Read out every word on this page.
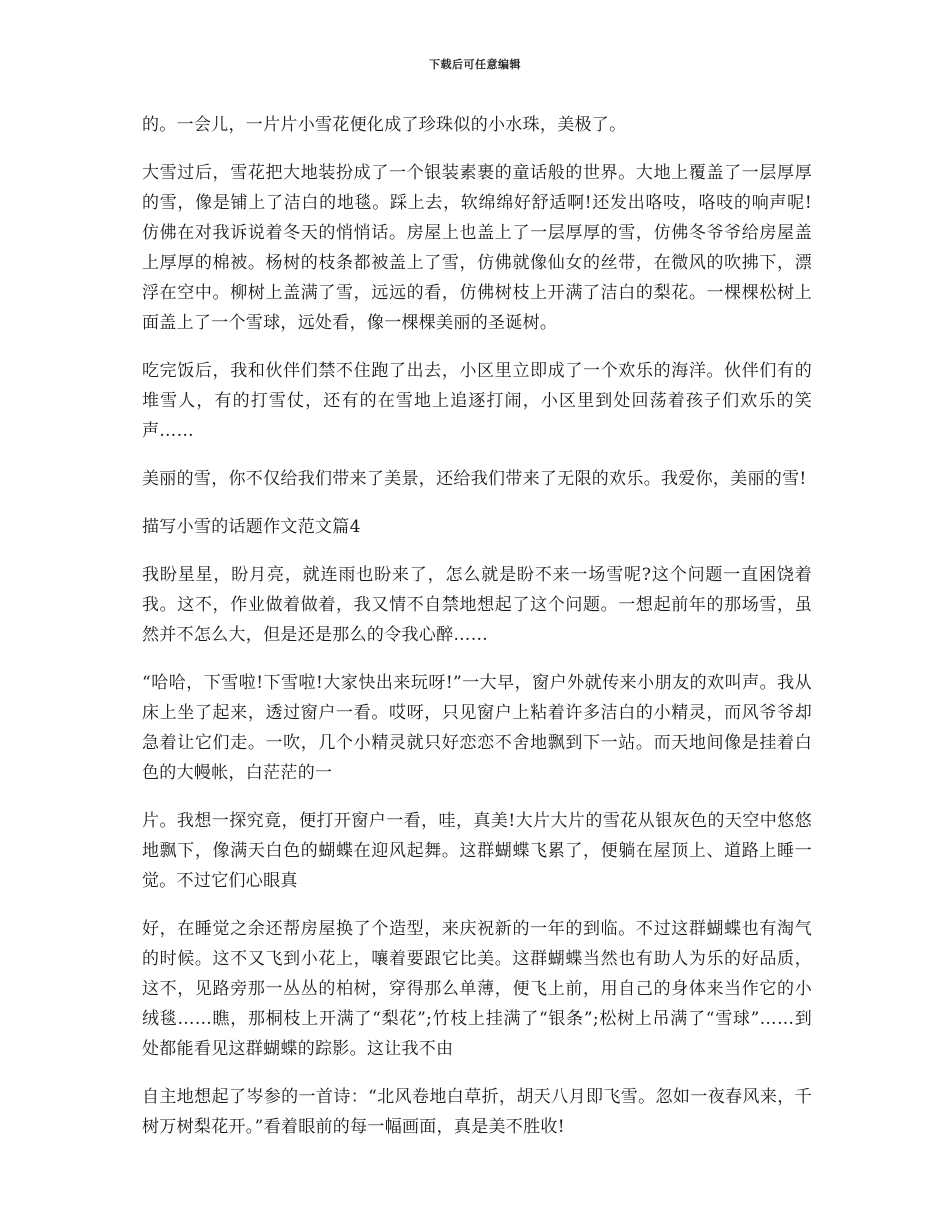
下载后可任意编辑

的。一会儿，一片片小雪花便化成了珍珠似的小水珠，美极了。

大雪过后，雪花把大地装扮成了一个银装素裹的童话般的世界。大地上覆盖了一层厚厚的雪，像是铺上了洁白的地毯。踩上去，软绵绵好舒适啊!还发出咯吱，咯吱的响声呢!仿佛在对我诉说着冬天的悄悄话。房屋上也盖上了一层厚厚的雪，仿佛冬爷爷给房屋盖上厚厚的棉被。杨树的枝条都被盖上了雪，仿佛就像仙女的丝带，在微风的吹拂下，漂浮在空中。柳树上盖满了雪，远远的看，仿佛树枝上开满了洁白的梨花。一棵棵松树上面盖上了一个雪球，远处看，像一棵棵美丽的圣诞树。

吃完饭后，我和伙伴们禁不住跑了出去，小区里立即成了一个欢乐的海洋。伙伴们有的堆雪人，有的打雪仗，还有的在雪地上追逐打闹，小区里到处回荡着孩子们欢乐的笑声……

美丽的雪，你不仅给我们带来了美景，还给我们带来了无限的欢乐。我爱你，美丽的雪!

描写小雪的话题作文范文篇4

我盼星星，盼月亮，就连雨也盼来了，怎么就是盼不来一场雪呢?这个问题一直困饶着我。这不，作业做着做着，我又情不自禁地想起了这个问题。一想起前年的那场雪，虽然并不怎么大，但是还是那么的令我心醉……

“哈哈，下雪啦!下雪啦!大家快出来玩呀!”一大早，窗户外就传来小朋友的欢叫声。我从床上坐了起来，透过窗户一看。哎呀，只见窗户上粘着许多洁白的小精灵，而风爷爷却急着让它们走。一吹，几个小精灵就只好恋恋不舍地飘到下一站。而天地间像是挂着白色的大幔帐，白茫茫的一

片。我想一探究竟，便打开窗户一看，哇，真美!大片大片的雪花从银灰色的天空中悠悠地飘下，像满天白色的蝴蝶在迎风起舞。这群蝴蝶飞累了，便躺在屋顶上、道路上睡一觉。不过它们心眼真

好，在睡觉之余还帮房屋换了个造型，来庆祝新的一年的到临。不过这群蝴蝶也有淘气的时候。这不又飞到小花上，嚷着要跟它比美。这群蝴蝶当然也有助人为乐的好品质，这不，见路旁那一丛丛的柏树，穿得那么单薄，便飞上前，用自己的身体来当作它的小绒毯……瞧，那桐枝上开满了“梨花”;竹枝上挂满了“银条”;松树上吊满了“雪球”……到处都能看见这群蝴蝶的踪影。这让我不由

自主地想起了岑参的一首诗：“北风卷地白草折，胡天八月即飞雪。忽如一夜春风来，千树万树梨花开。”看着眼前的每一幅画面，真是美不胜收!
